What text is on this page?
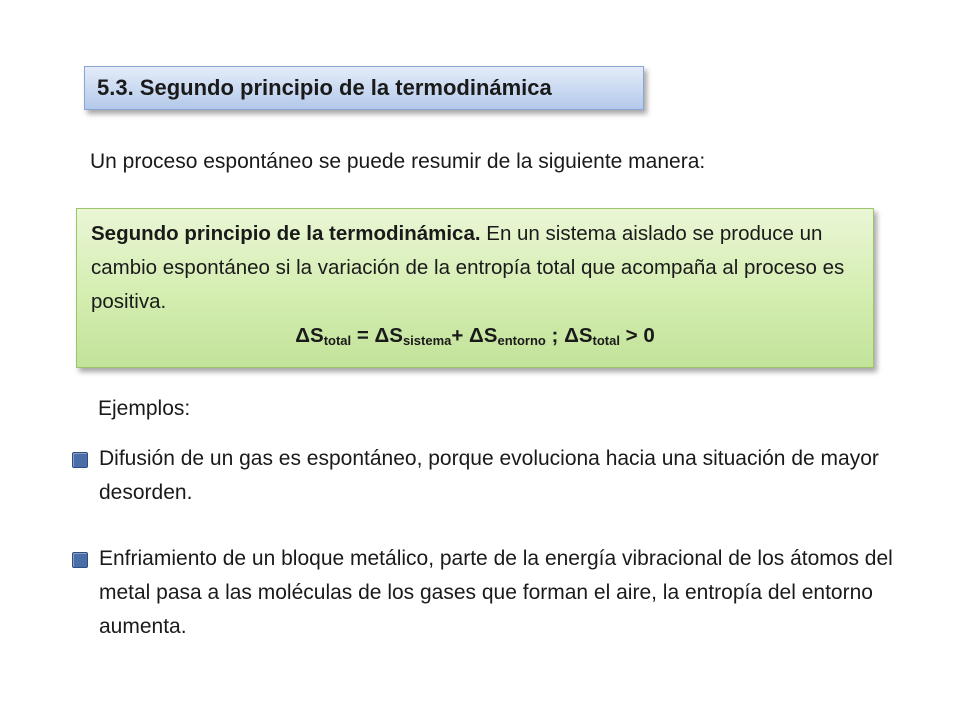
5.3. Segundo principio de la termodinámica
Un proceso espontáneo se puede resumir de la siguiente manera:

Segundo principio de la termodinámica. En un sistema aislado se produce un cambio espontáneo si la variación de la entropía total que acompaña al proceso es positiva.

$\Delta S_{total} = \Delta S_{sistema}+ \Delta S_{entorno}$ ; $\Delta S_{total} > 0$

Ejemplos:
Difusión de un gas es espontáneo, porque evoluciona hacia una situación de mayor desorden.
Enfriamiento de un bloque metálico, parte de la energía vibracional de los átomos del metal pasa a las moléculas de los gases que forman el aire, la entropía del entorno aumenta.
